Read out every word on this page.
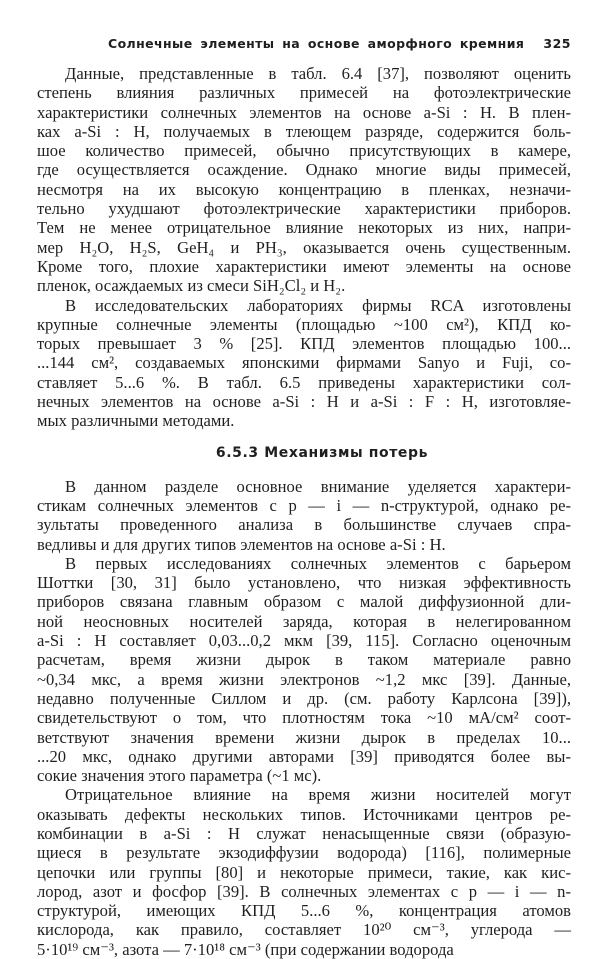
Солнечные элементы на основе аморфного кремния 325
Данные, представленные в табл. 6.4 [37], позволяют оценить
степень влияния различных примесей на фотоэлектрические
характеристики солнечных элементов на основе a-Si : H. В плен-
ках a-Si : H, получаемых в тлеющем разряде, содержится боль-
шое количество примесей, обычно присутствующих в камере,
где осуществляется осаждение. Однако многие виды примесей,
несмотря на их высокую концентрацию в пленках, незначи-
тельно ухудшают фотоэлектрические характеристики приборов.
Тем не менее отрицательное влияние некоторых из них, напри-
мер H₂O, H₂S, GeH₄ и PH₃, оказывается очень существенным.
Кроме того, плохие характеристики имеют элементы на основе
пленок, осаждаемых из смеси SiH₂Cl₂ и H₂.
В исследовательских лабораториях фирмы RCA изготовлены
крупные солнечные элементы (площадью ~100 см²), КПД ко-
торых превышает 3 % [25]. КПД элементов площадью 100...
...144 см², создаваемых японскими фирмами Sanyo и Fuji, со-
ставляет 5...6 %. В табл. 6.5 приведены характеристики сол-
нечных элементов на основе a-Si : H и a-Si : F : H, изготовляе-
мых различными методами.
6.5.3 Механизмы потерь
В данном разделе основное внимание уделяется характери-
стикам солнечных элементов с p — i — n-структурой, однако ре-
зультаты проведенного анализа в большинстве случаев спра-
ведливы и для других типов элементов на основе a-Si : H.
В первых исследованиях солнечных элементов с барьером
Шоттки [30, 31] было установлено, что низкая эффективность
приборов связана главным образом с малой диффузионной дли-
ной неосновных носителей заряда, которая в нелегированном
a-Si : H составляет 0,03...0,2 мкм [39, 115]. Согласно оценочным
расчетам, время жизни дырок в таком материале равно
~0,34 мкс, а время жизни электронов ~1,2 мкс [39]. Данные,
недавно полученные Силлом и др. (см. работу Карлсона [39]),
свидетельствуют о том, что плотностям тока ~10 мА/см² соот-
ветствуют значения времени жизни дырок в пределах 10...
...20 мкс, однако другими авторами [39] приводятся более вы-
сокие значения этого параметра (~1 мс).
Отрицательное влияние на время жизни носителей могут
оказывать дефекты нескольких типов. Источниками центров ре-
комбинации в a-Si : H служат ненасыщенные связи (образую-
щиеся в результате экзодиффузии водорода) [116], полимерные
цепочки или группы [80] и некоторые примеси, такие, как кис-
лород, азот и фосфор [39]. В солнечных элементах с p — i — n-
структурой, имеющих КПД 5...6 %, концентрация атомов
кислорода, как правило, составляет 10²⁰ см⁻³, углерода —
5·10¹⁹ см⁻³, азота — 7·10¹⁸ см⁻³ (при содержании водорода
